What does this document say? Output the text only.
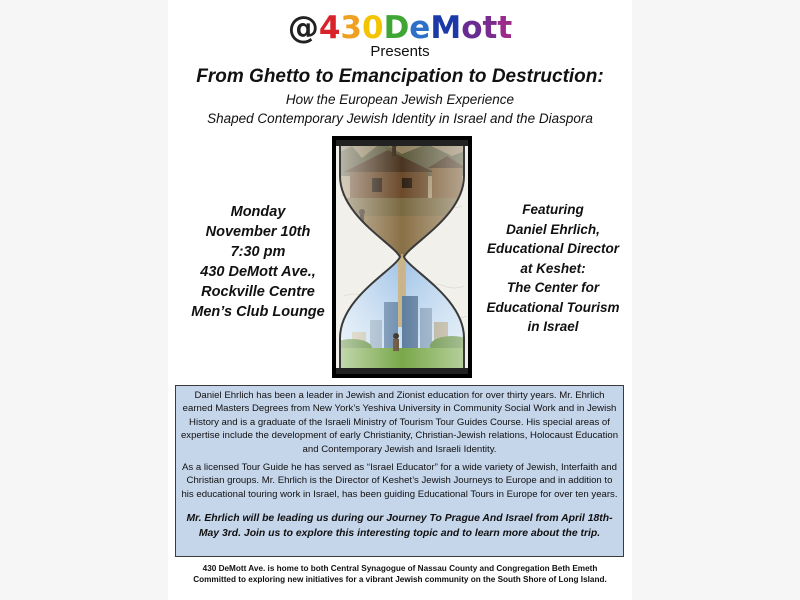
@430DeMott
Presents
From Ghetto to Emancipation to Destruction:
How the European Jewish Experience
Shaped Contemporary Jewish Identity in Israel and the Diaspora
Monday
November 10th
7:30 pm
430 DeMott Ave.,
Rockville Centre
Men’s Club Lounge
Featuring
Daniel Ehrlich,
Educational Director
at Keshet:
The Center for
Educational Tourism
in Israel

Daniel Ehrlich has been a leader in Jewish and Zionist education for over thirty years. Mr. Ehrlich earned Masters Degrees from New York’s Yeshiva University in Community Social Work and in Jewish History and is a graduate of the Israeli Ministry of Tourism Tour Guides Course. His special areas of expertise include the development of early Christianity, Christian-Jewish relations, Holocaust Education and Contemporary Jewish and Israeli Identity.

As a licensed Tour Guide he has served as “Israel Educator” for a wide variety of Jewish, Interfaith and Christian groups. Mr. Ehrlich is the Director of Keshet’s Jewish Journeys to Europe and in addition to his educational touring work in Israel, has been guiding Educational Tours in Europe for over ten years.

Mr. Ehrlich will be leading us during our Journey To Prague And Israel from April 18th- May 3rd. Join us to explore this interesting topic and to learn more about the trip.

430 DeMott Ave. is home to both Central Synagogue of Nassau County and Congregation Beth Emeth
Committed to exploring new initiatives for a vibrant Jewish community on the South Shore of Long Island.
